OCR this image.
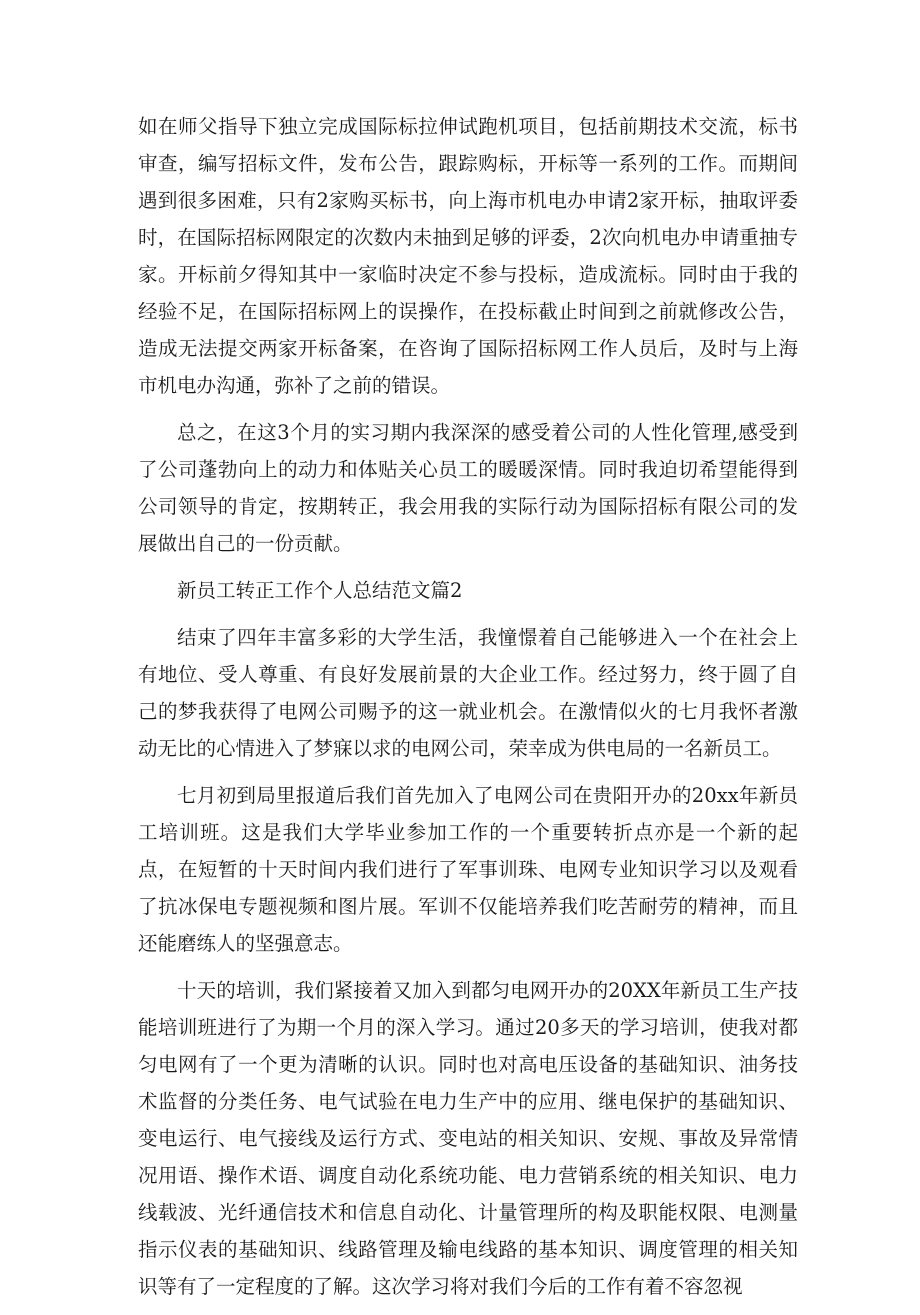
如在师父指导下独立完成国际标拉伸试跑机项目，包括前期技术交流，标书审查，编写招标文件，发布公告，跟踪购标，开标等一系列的工作。而期间遇到很多困难，只有2家购买标书，向上海市机电办申请2家开标，抽取评委时，在国际招标网限定的次数内未抽到足够的评委，2次向机电办申请重抽专家。开标前夕得知其中一家临时决定不参与投标，造成流标。同时由于我的经验不足，在国际招标网上的误操作，在投标截止时间到之前就修改公告，造成无法提交两家开标备案，在咨询了国际招标网工作人员后，及时与上海市机电办沟通，弥补了之前的错误。

总之，在这3个月的实习期内我深深的感受着公司的人性化管理,感受到了公司蓬勃向上的动力和体贴关心员工的暖暖深情。同时我迫切希望能得到公司领导的肯定，按期转正，我会用我的实际行动为国际招标有限公司的发展做出自己的一份贡献。

新员工转正工作个人总结范文篇2

结束了四年丰富多彩的大学生活，我憧憬着自己能够进入一个在社会上有地位、受人尊重、有良好发展前景的大企业工作。经过努力，终于圆了自己的梦我获得了电网公司赐予的这一就业机会。在激情似火的七月我怀者激动无比的心情进入了梦寐以求的电网公司，荣幸成为供电局的一名新员工。

七月初到局里报道后我们首先加入了电网公司在贵阳开办的20xx年新员工培训班。这是我们大学毕业参加工作的一个重要转折点亦是一个新的起点，在短暂的十天时间内我们进行了军事训珠、电网专业知识学习以及观看了抗冰保电专题视频和图片展。军训不仅能培养我们吃苦耐劳的精神，而且还能磨练人的坚强意志。

十天的培训，我们紧接着又加入到都匀电网开办的20XX年新员工生产技能培训班进行了为期一个月的深入学习。通过20多天的学习培训，使我对都匀电网有了一个更为清晰的认识。同时也对高电压设备的基础知识、油务技术监督的分类任务、电气试验在电力生产中的应用、继电保护的基础知识、变电运行、电气接线及运行方式、变电站的相关知识、安规、事故及异常情况用语、操作术语、调度自动化系统功能、电力营销系统的相关知识、电力线载波、光纤通信技术和信息自动化、计量管理所的构及职能权限、电测量指示仪表的基础知识、线路管理及输电线路的基本知识、调度管理的相关知识等有了一定程度的了解。这次学习将对我们今后的工作有着不容忽视
